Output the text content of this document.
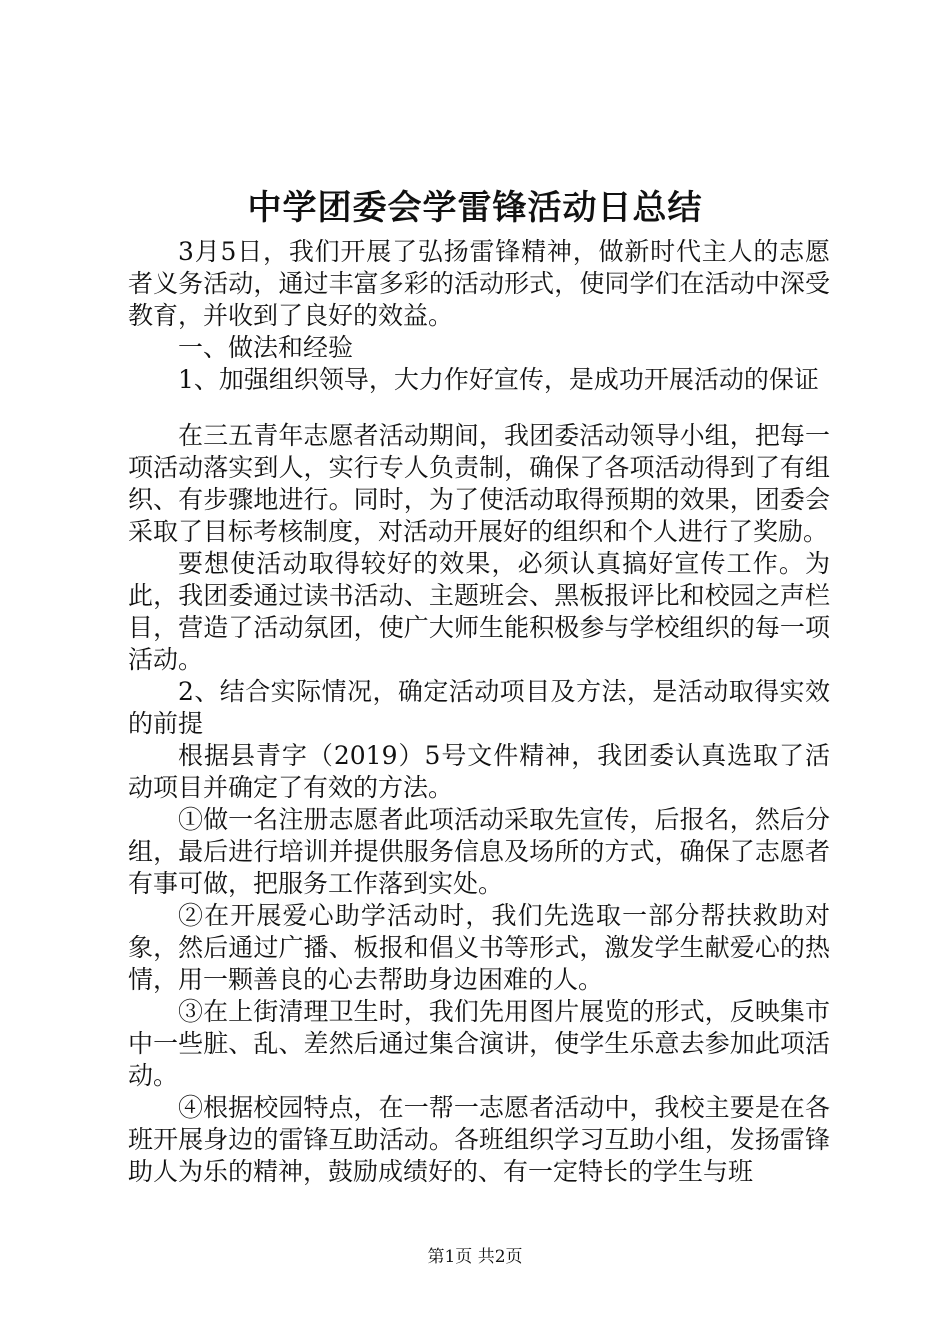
中学团委会学雷锋活动日总结

3月5日，我们开展了弘扬雷锋精神，做新时代主人的志愿者义务活动，通过丰富多彩的活动形式，使同学们在活动中深受教育，并收到了良好的效益。

一、做法和经验

1、加强组织领导，大力作好宣传，是成功开展活动的保证

在三五青年志愿者活动期间，我团委活动领导小组，把每一项活动落实到人，实行专人负责制，确保了各项活动得到了有组织、有步骤地进行。同时，为了使活动取得预期的效果，团委会采取了目标考核制度，对活动开展好的组织和个人进行了奖励。

要想使活动取得较好的效果，必须认真搞好宣传工作。为此，我团委通过读书活动、主题班会、黑板报评比和校园之声栏目，营造了活动氛团，使广大师生能积极参与学校组织的每一项活动。

2、结合实际情况，确定活动项目及方法，是活动取得实效的前提

根据县青字（2019）5号文件精神，我团委认真选取了活动项目并确定了有效的方法。

①做一名注册志愿者此项活动采取先宣传，后报名，然后分组，最后进行培训并提供服务信息及场所的方式，确保了志愿者有事可做，把服务工作落到实处。

②在开展爱心助学活动时，我们先选取一部分帮扶救助对象，然后通过广播、板报和倡义书等形式，激发学生献爱心的热情，用一颗善良的心去帮助身边困难的人。

③在上街清理卫生时，我们先用图片展览的形式，反映集市中一些脏、乱、差然后通过集合演讲，使学生乐意去参加此项活动。

④根据校园特点，在一帮一志愿者活动中，我校主要是在各班开展身边的雷锋互助活动。各班组织学习互助小组，发扬雷锋助人为乐的精神，鼓励成绩好的、有一定特长的学生与班

第1页 共2页
